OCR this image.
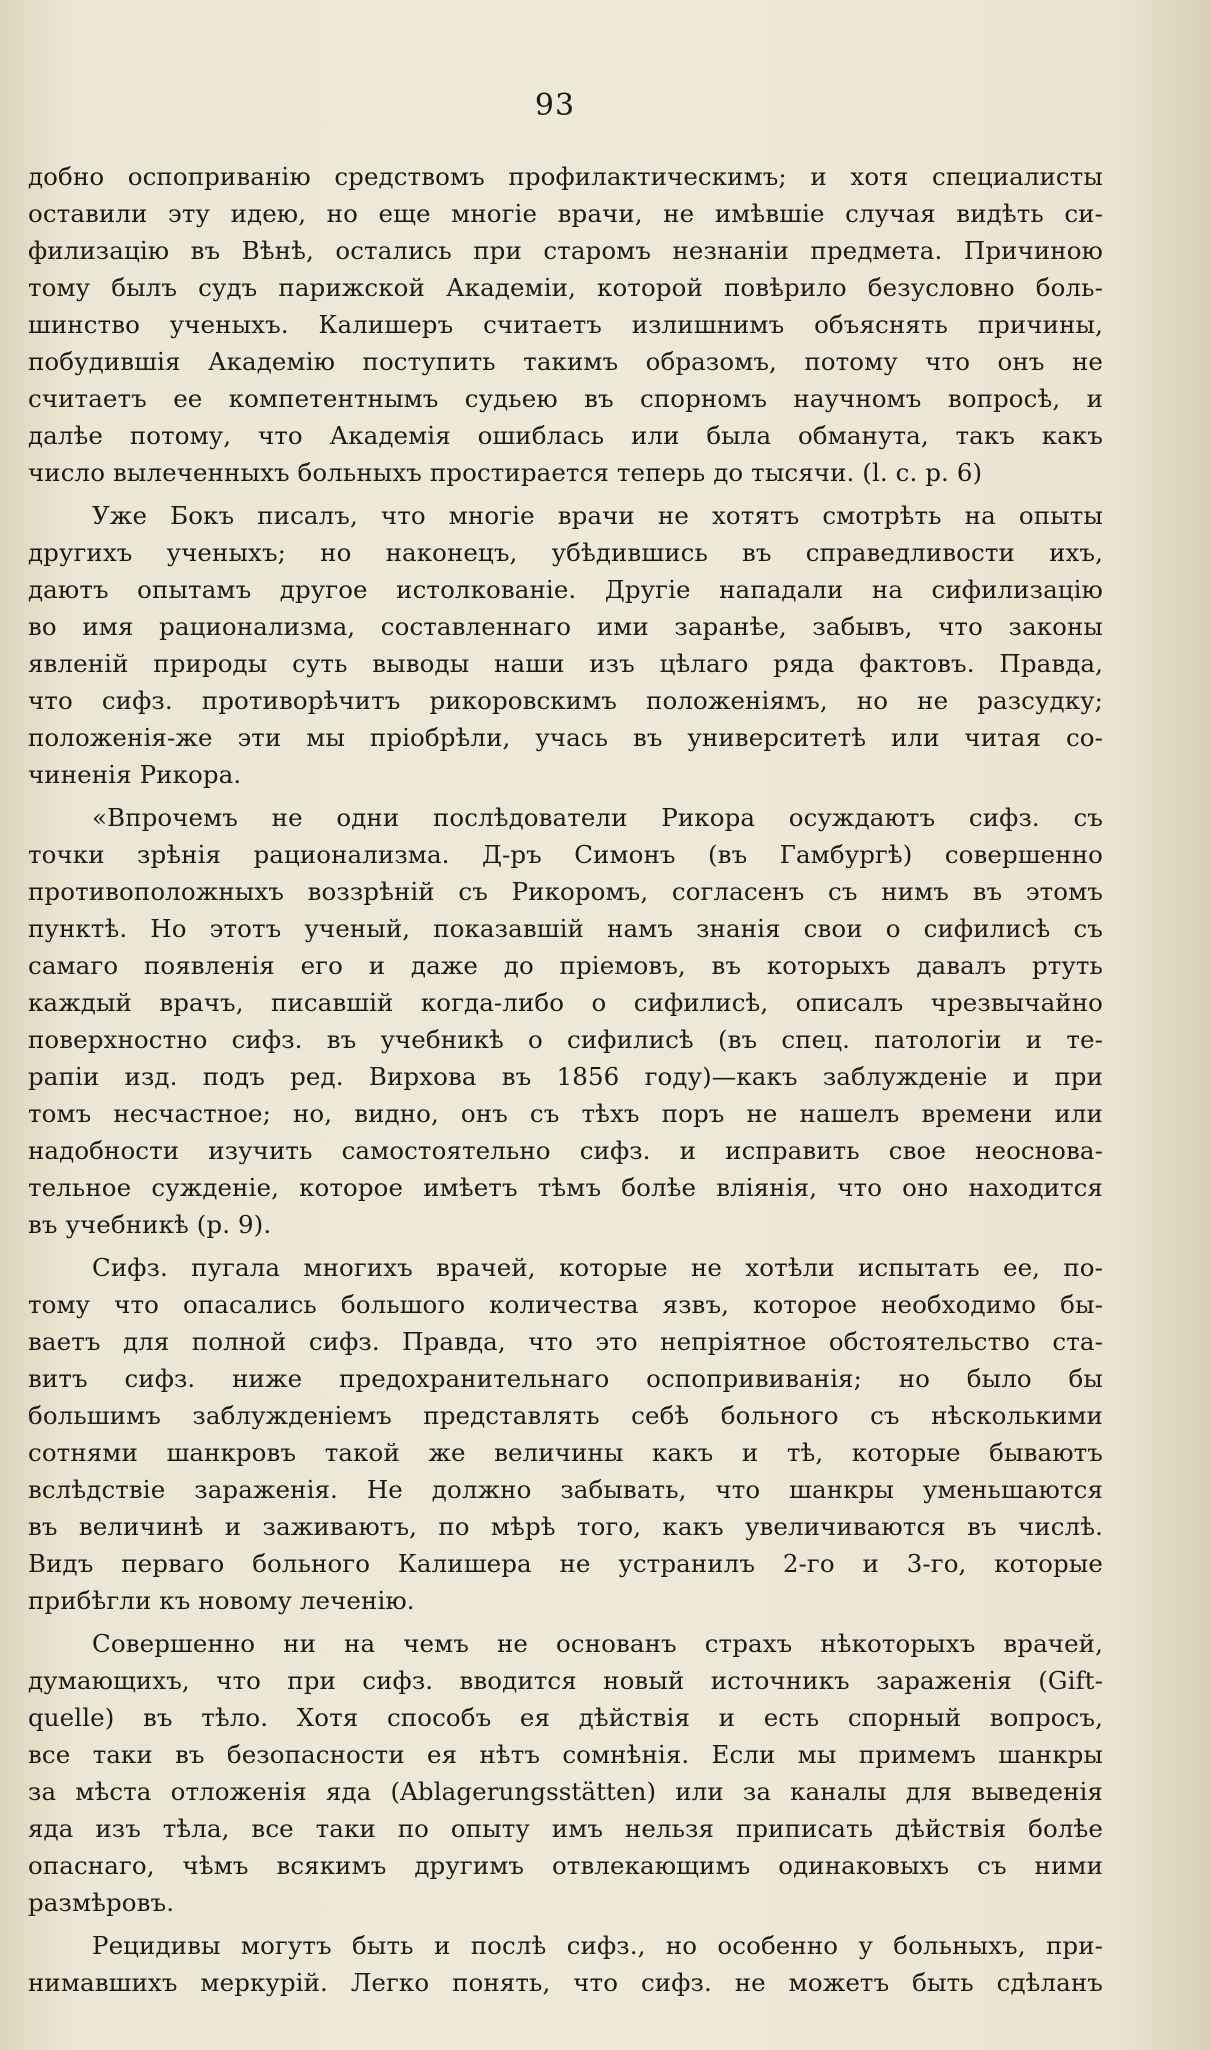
93
добно оспоприванiю средствомъ профилактическимъ; и хотя специалисты
оставили эту идею, но еще многiе врачи, не имѣвшiе случая видѣть си-
филизацiю въ Вѣнѣ, остались при старомъ незнанiи предмета. Причиною
тому былъ судъ парижской Академiи, которой повѣрило безусловно боль-
шинство ученыхъ. Калишеръ считаетъ излишнимъ объяснять причины,
побудившiя Академiю поступить такимъ образомъ, потому что онъ не
считаетъ ее компетентнымъ судьею въ спорномъ научномъ вопросѣ, и
далѣе потому, что Академiя ошиблась или была обманута, такъ какъ
число вылеченныхъ больныхъ простирается теперь до тысячи. (l. c. p. 6)
Уже Бокъ писалъ, что многiе врачи не хотятъ смотрѣть на опыты
другихъ ученыхъ; но наконецъ, убѣдившись въ справедливости ихъ,
даютъ опытамъ другое истолкованiе. Другiе нападали на сифилизацiю
во имя рационализма, составленнаго ими заранѣе, забывъ, что законы
явленiй природы суть выводы наши изъ цѣлаго ряда фактовъ. Правда,
что сифз. противорѣчитъ рикоровскимъ положенiямъ, но не разсудку;
положенiя-же эти мы прiобрѣли, учась въ университетѣ или читая со-
чиненiя Рикора.
«Впрочемъ не одни послѣдователи Рикора осуждаютъ сифз. съ
точки зрѣнiя рационализма. Д-ръ Симонъ (въ Гамбургѣ) совершенно
противоположныхъ воззрѣнiй съ Рикоромъ, согласенъ съ нимъ въ этомъ
пунктѣ. Но этотъ ученый, показавшiй намъ знанiя свои о сифилисѣ съ
самаго появленiя его и даже до прiемовъ, въ которыхъ давалъ ртуть
каждый врачъ, писавшiй когда-либо о сифилисѣ, описалъ чрезвычайно
поверхностно сифз. въ учебникѣ о сифилисѣ (въ спец. патологiи и те-
рапiи изд. подъ ред. Вирхова въ 1856 году)—какъ заблужденiе и при
томъ несчастное; но, видно, онъ съ тѣхъ поръ не нашелъ времени или
надобности изучить самостоятельно сифз. и исправить свое неоснова-
тельное сужденiе, которое имѣетъ тѣмъ болѣе влiянiя, что оно находится
въ учебникѣ (p. 9).
Сифз. пугала многихъ врачей, которые не хотѣли испытать ее, по-
тому что опасались большого количества язвъ, которое необходимо бы-
ваетъ для полной сифз. Правда, что это непрiятное обстоятельство ста-
витъ сифз. ниже предохранительнаго оспопрививанiя; но было бы
большимъ заблужденiемъ представлять себѣ больного съ нѣсколькими
сотнями шанкровъ такой же величины какъ и тѣ, которые бываютъ
вслѣдствiе зараженiя. Не должно забывать, что шанкры уменьшаются
въ величинѣ и заживаютъ, по мѣрѣ того, какъ увеличиваются въ числѣ.
Видъ перваго больного Калишера не устранилъ 2-го и 3-го, которые
прибѣгли къ новому леченiю.
Совершенно ни на чемъ не основанъ страхъ нѣкоторыхъ врачей,
думающихъ, что при сифз. вводится новый источникъ зараженiя (Gift-
quelle) въ тѣло. Хотя способъ ея дѣйствiя и есть спорный вопросъ,
все таки въ безопасности ея нѣтъ сомнѣнiя. Если мы примемъ шанкры
за мѣста отложенiя яда (Ablagerungsstätten) или за каналы для выведенiя
яда изъ тѣла, все таки по опыту имъ нельзя приписать дѣйствiя болѣе
опаснаго, чѣмъ всякимъ другимъ отвлекающимъ одинаковыхъ съ ними
размѣровъ.
Рецидивы могутъ быть и послѣ сифз., но особенно у больныхъ, при-
нимавшихъ меркурiй. Легко понять, что сифз. не можетъ быть сдѣланъ
